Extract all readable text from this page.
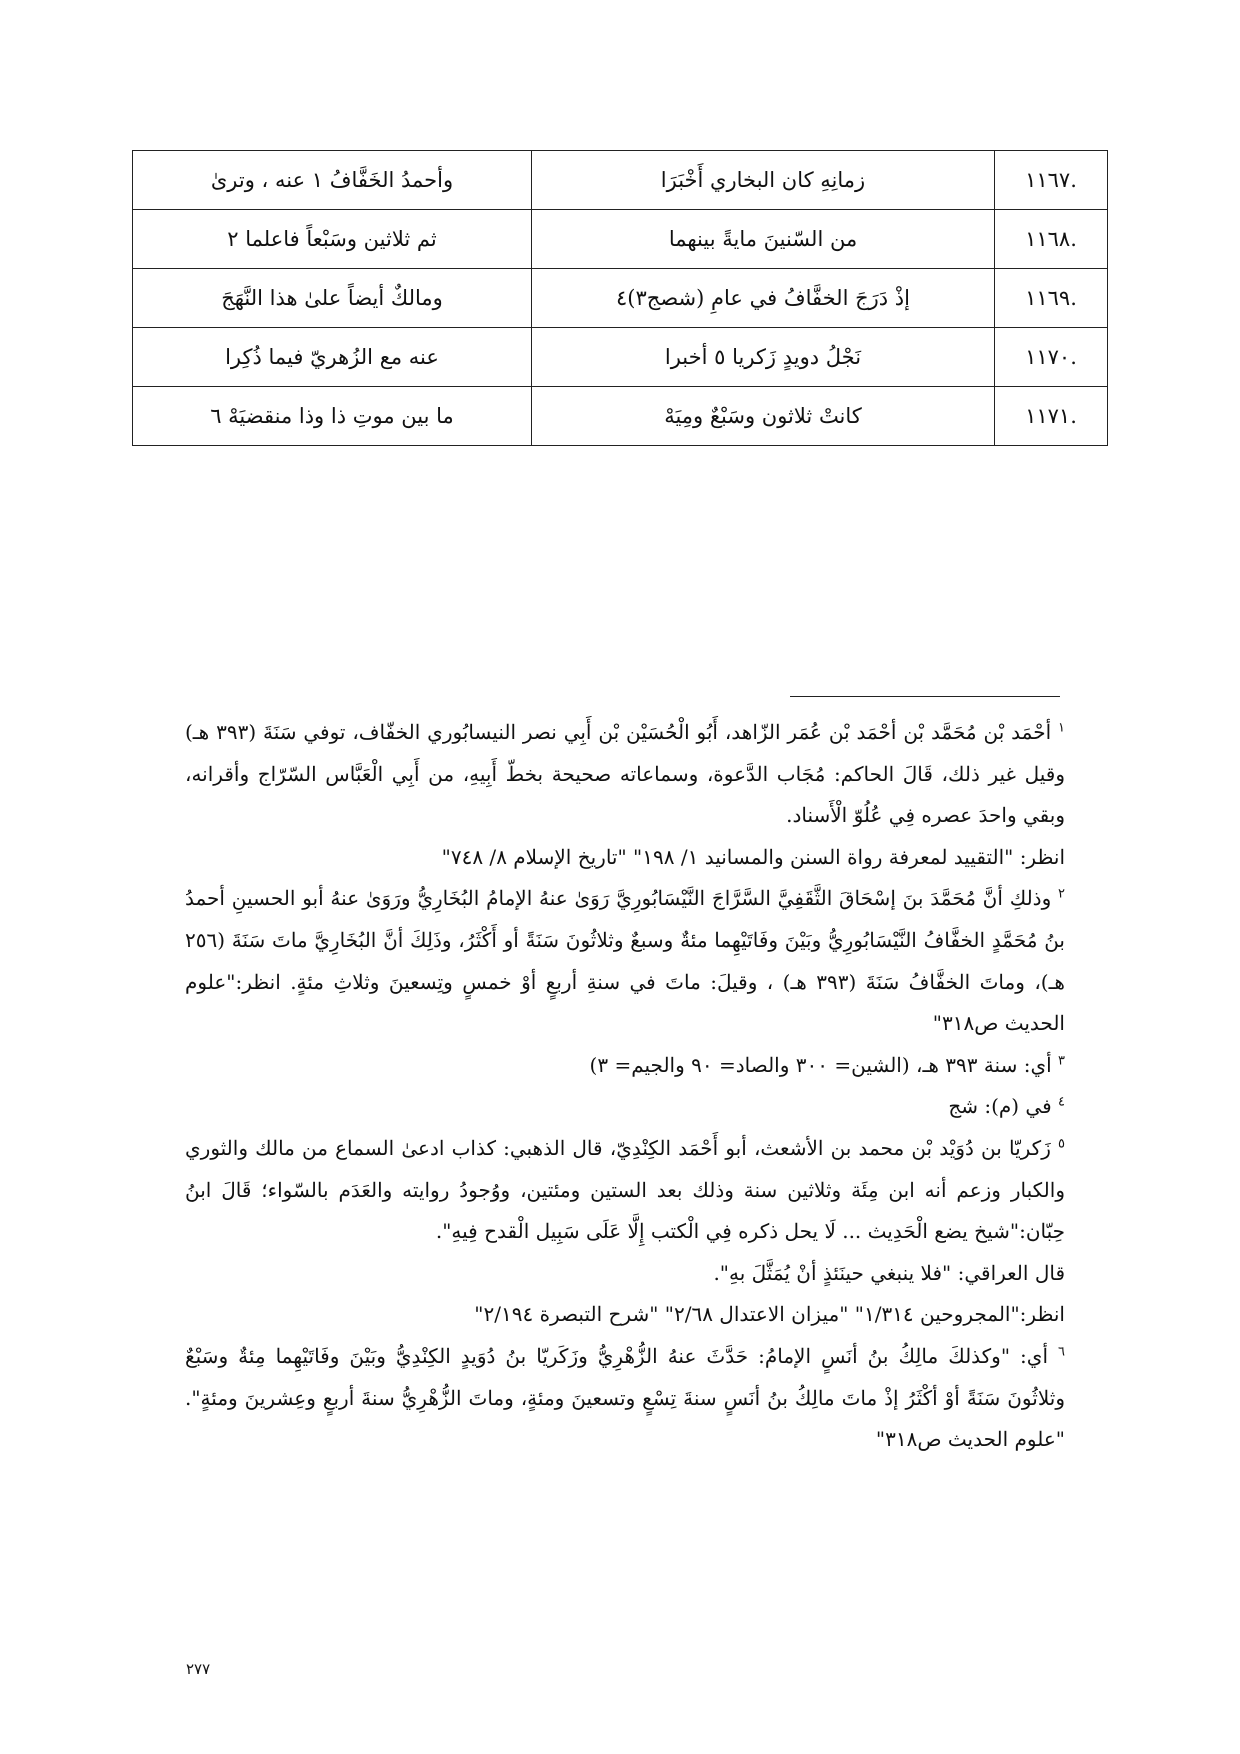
.١١٦٧	زمانِهِ كان البخاري أَخْبَرَا	وأحمدُ الخَفَّافُ ١ عنه ، وترىٰ
.١١٦٨	من السّنينَ مايةً بينهما	ثم ثلاثين وسَبْعاً فاعلما ٢
.١١٦٩	إذْ دَرَجَ الخفَّافُ في عامِ (شصج٣)٤	ومالكٌ أيضاً علىٰ هذا النَّهَجَ
.١١٧٠	نَجْلُ دويدٍ زَكريا ٥ أخبرا	عنه مع الزُهريّ فيما ذُكِرا
.١١٧١	كانتْ ثلاثون وسَبْعٌ ومِيَهْ	ما بين موتِ ذا وذا منقضيَهْ ٦

$^١$ أحْمَد بْن مُحَمَّد بْن أحْمَد بْن عُمَر الزّاهد، أَبُو الْحُسَيْن بْن أَبِي نصر النيسابُوري الخفّاف، توفي سَنَةَ (٣٩٣ هـ) وقيل غير ذلك، قَالَ الحاكم: مُجَاب الدَّعوة، وسماعاته صحيحة بخطّ أَبِيهِ، من أَبِي الْعَبَّاس السّرّاج وأقرانه، وبقي واحدَ عصره فِي عُلُوّ الْأَسناد.

انظر: "التقييد لمعرفة رواة السنن والمسانيد ١/ ١٩٨" "تاريخ الإسلام ٨/ ٧٤٨"

$^٢$ وذلكِ أنَّ مُحَمَّدَ بنَ إسْحَاقَ الثَّقَفِيَّ السَّرَّاجَ النَّيْسَابُورِيَّ رَوَىٰ عنهُ الإمامُ البُخَارِيُّ ورَوَىٰ عنهُ أبو الحسينِ أحمدُ بنُ مُحَمَّدٍ الخفَّافُ النَّيْسَابُورِيُّ وبَيْنَ وفَاتَيْهِما مئةٌ وسبعٌ وثلاثُونَ سَنَةً أو أَكْثَرُ، وذَلِكَ أنَّ البُخَارِيَّ ماتَ سَنَةَ (٢٥٦ هـ)، وماتَ الخفَّافُ سَنَةَ (٣٩٣ هـ) ، وقيلَ: ماتَ في سنةِ أربعٍ أوْ خمسٍ وتِسعينَ وثلاثِ مئةٍ. انظر:"علوم الحديث ص٣١٨"

$^٣$ أي: سنة ٣٩٣ هـ، (الشين= ٣٠٠ والصاد= ٩٠ والجيم= ٣)

$^٤$ في (م): شج

$^٥$ زَكريّا بن دُوَيْد بْن محمد بن الأشعث، أبو أَحْمَد الكِنْدِيّ، قال الذهبي: كذاب ادعىٰ السماع من مالك والثوري والكبار وزعم أنه ابن مِئَة وثلاثين سنة وذلك بعد الستين ومئتين، ووُجودُ روايته والعَدَم بالسّواء؛ قَالَ ابنُ حِبّان:"شيخ يضع الْحَدِيث ... لَا يحل ذكره فِي الْكتب إِلَّا عَلَى سَبِيل الْقدح فِيهِ".

قال العراقي: "فلا ينبغي حينَئذٍ أنْ يُمَثَّلَ بهِ".

انظر:"المجروحين ١/٣١٤" "ميزان الاعتدال ٢/٦٨" "شرح التبصرة ٢/١٩٤"

$^٦$ أي: "وكذلكَ مالِكُ بنُ أنَسٍ الإمامُ: حَدَّثَ عنهُ الزُّهْرِيُّ وزَكَريّا بنُ دُوَيدٍ الكِنْدِيُّ وبَيْنَ وفَاتَيْهِما مِئةٌ وسَبْعٌ وثلاثُونَ سَنَةً أوْ أكْثَرُ إذْ ماتَ مالِكُ بنُ أنَسٍ سنةَ تِسْعٍ وتسعينَ ومئةٍ، وماتَ الزُّهْرِيُّ سنةَ أربعٍ وعِشرينَ ومئةٍ". "علوم الحديث ص٣١٨"

٢٧٧
